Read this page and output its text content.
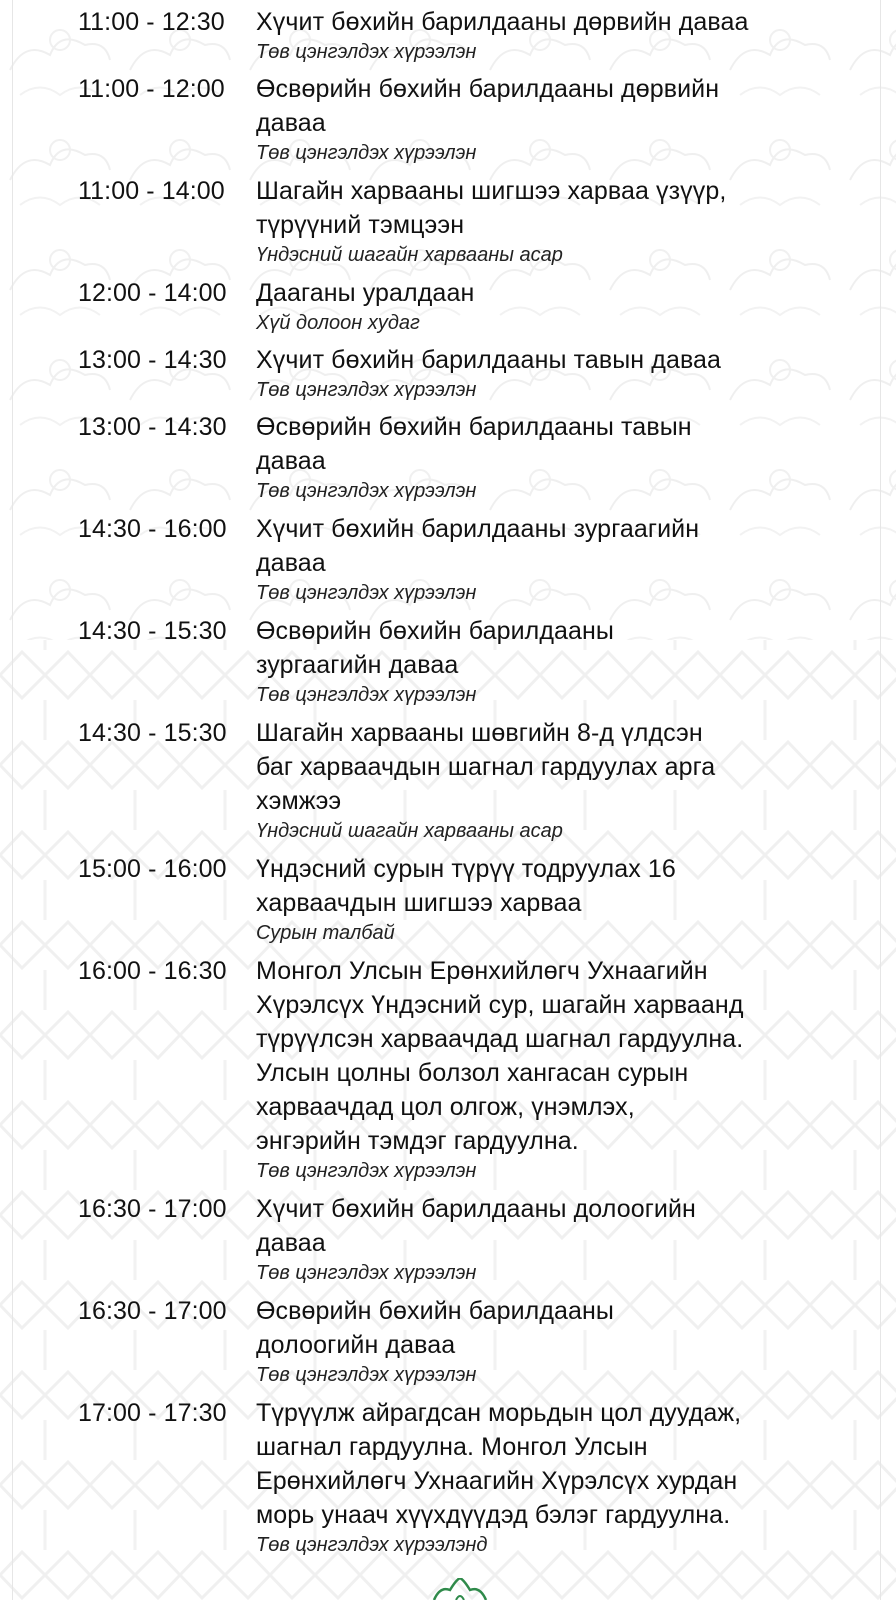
11:00 - 12:30	Хүчит бөхийн барилдааны дөрвийн даваа
Төв цэнгэлдэх хүрээлэн
11:00 - 12:00	Өсвөрийн бөхийн барилдааны дөрвийн
даваа
Төв цэнгэлдэх хүрээлэн
11:00 - 14:00	Шагайн харвааны шигшээ харваа үзүүр,
түрүүний тэмцээн
Үндэсний шагайн харвааны асар
12:00 - 14:00	Дааганы уралдаан
Хүй долоон худаг
13:00 - 14:30	Хүчит бөхийн барилдааны тавын даваа
Төв цэнгэлдэх хүрээлэн
13:00 - 14:30	Өсвөрийн бөхийн барилдааны тавын
даваа
Төв цэнгэлдэх хүрээлэн
14:30 - 16:00	Хүчит бөхийн барилдааны зургаагийн
даваа
Төв цэнгэлдэх хүрээлэн
14:30 - 15:30	Өсвөрийн бөхийн барилдааны
зургаагийн даваа
Төв цэнгэлдэх хүрээлэн
14:30 - 15:30	Шагайн харвааны шөвгийн 8-д үлдсэн
баг харваачдын шагнал гардуулах арга
хэмжээ
Үндэсний шагайн харвааны асар
15:00 - 16:00	Үндэсний сурын түрүү тодруулах 16
харваачдын шигшээ харваа
Сурын талбай
16:00 - 16:30	Монгол Улсын Ерөнхийлөгч Ухнаагийн
Хүрэлсүх Үндэсний сур, шагайн харваанд
түрүүлсэн харваачдад шагнал гардуулна.
Улсын цолны болзол хангасан сурын
харваачдад цол олгож, үнэмлэх,
энгэрийн тэмдэг гардуулна.
Төв цэнгэлдэх хүрээлэн
16:30 - 17:00	Хүчит бөхийн барилдааны долоогийн
даваа
Төв цэнгэлдэх хүрээлэн
16:30 - 17:00	Өсвөрийн бөхийн барилдааны
долоогийн даваа
Төв цэнгэлдэх хүрээлэн
17:00 - 17:30	Түрүүлж айрагдсан морьдын цол дуудаж,
шагнал гардуулна. Монгол Улсын
Ерөнхийлөгч Ухнаагийн Хүрэлсүх хурдан
морь унаач хүүхдүүдэд бэлэг гардуулна.
Төв цэнгэлдэх хүрээлэнд
